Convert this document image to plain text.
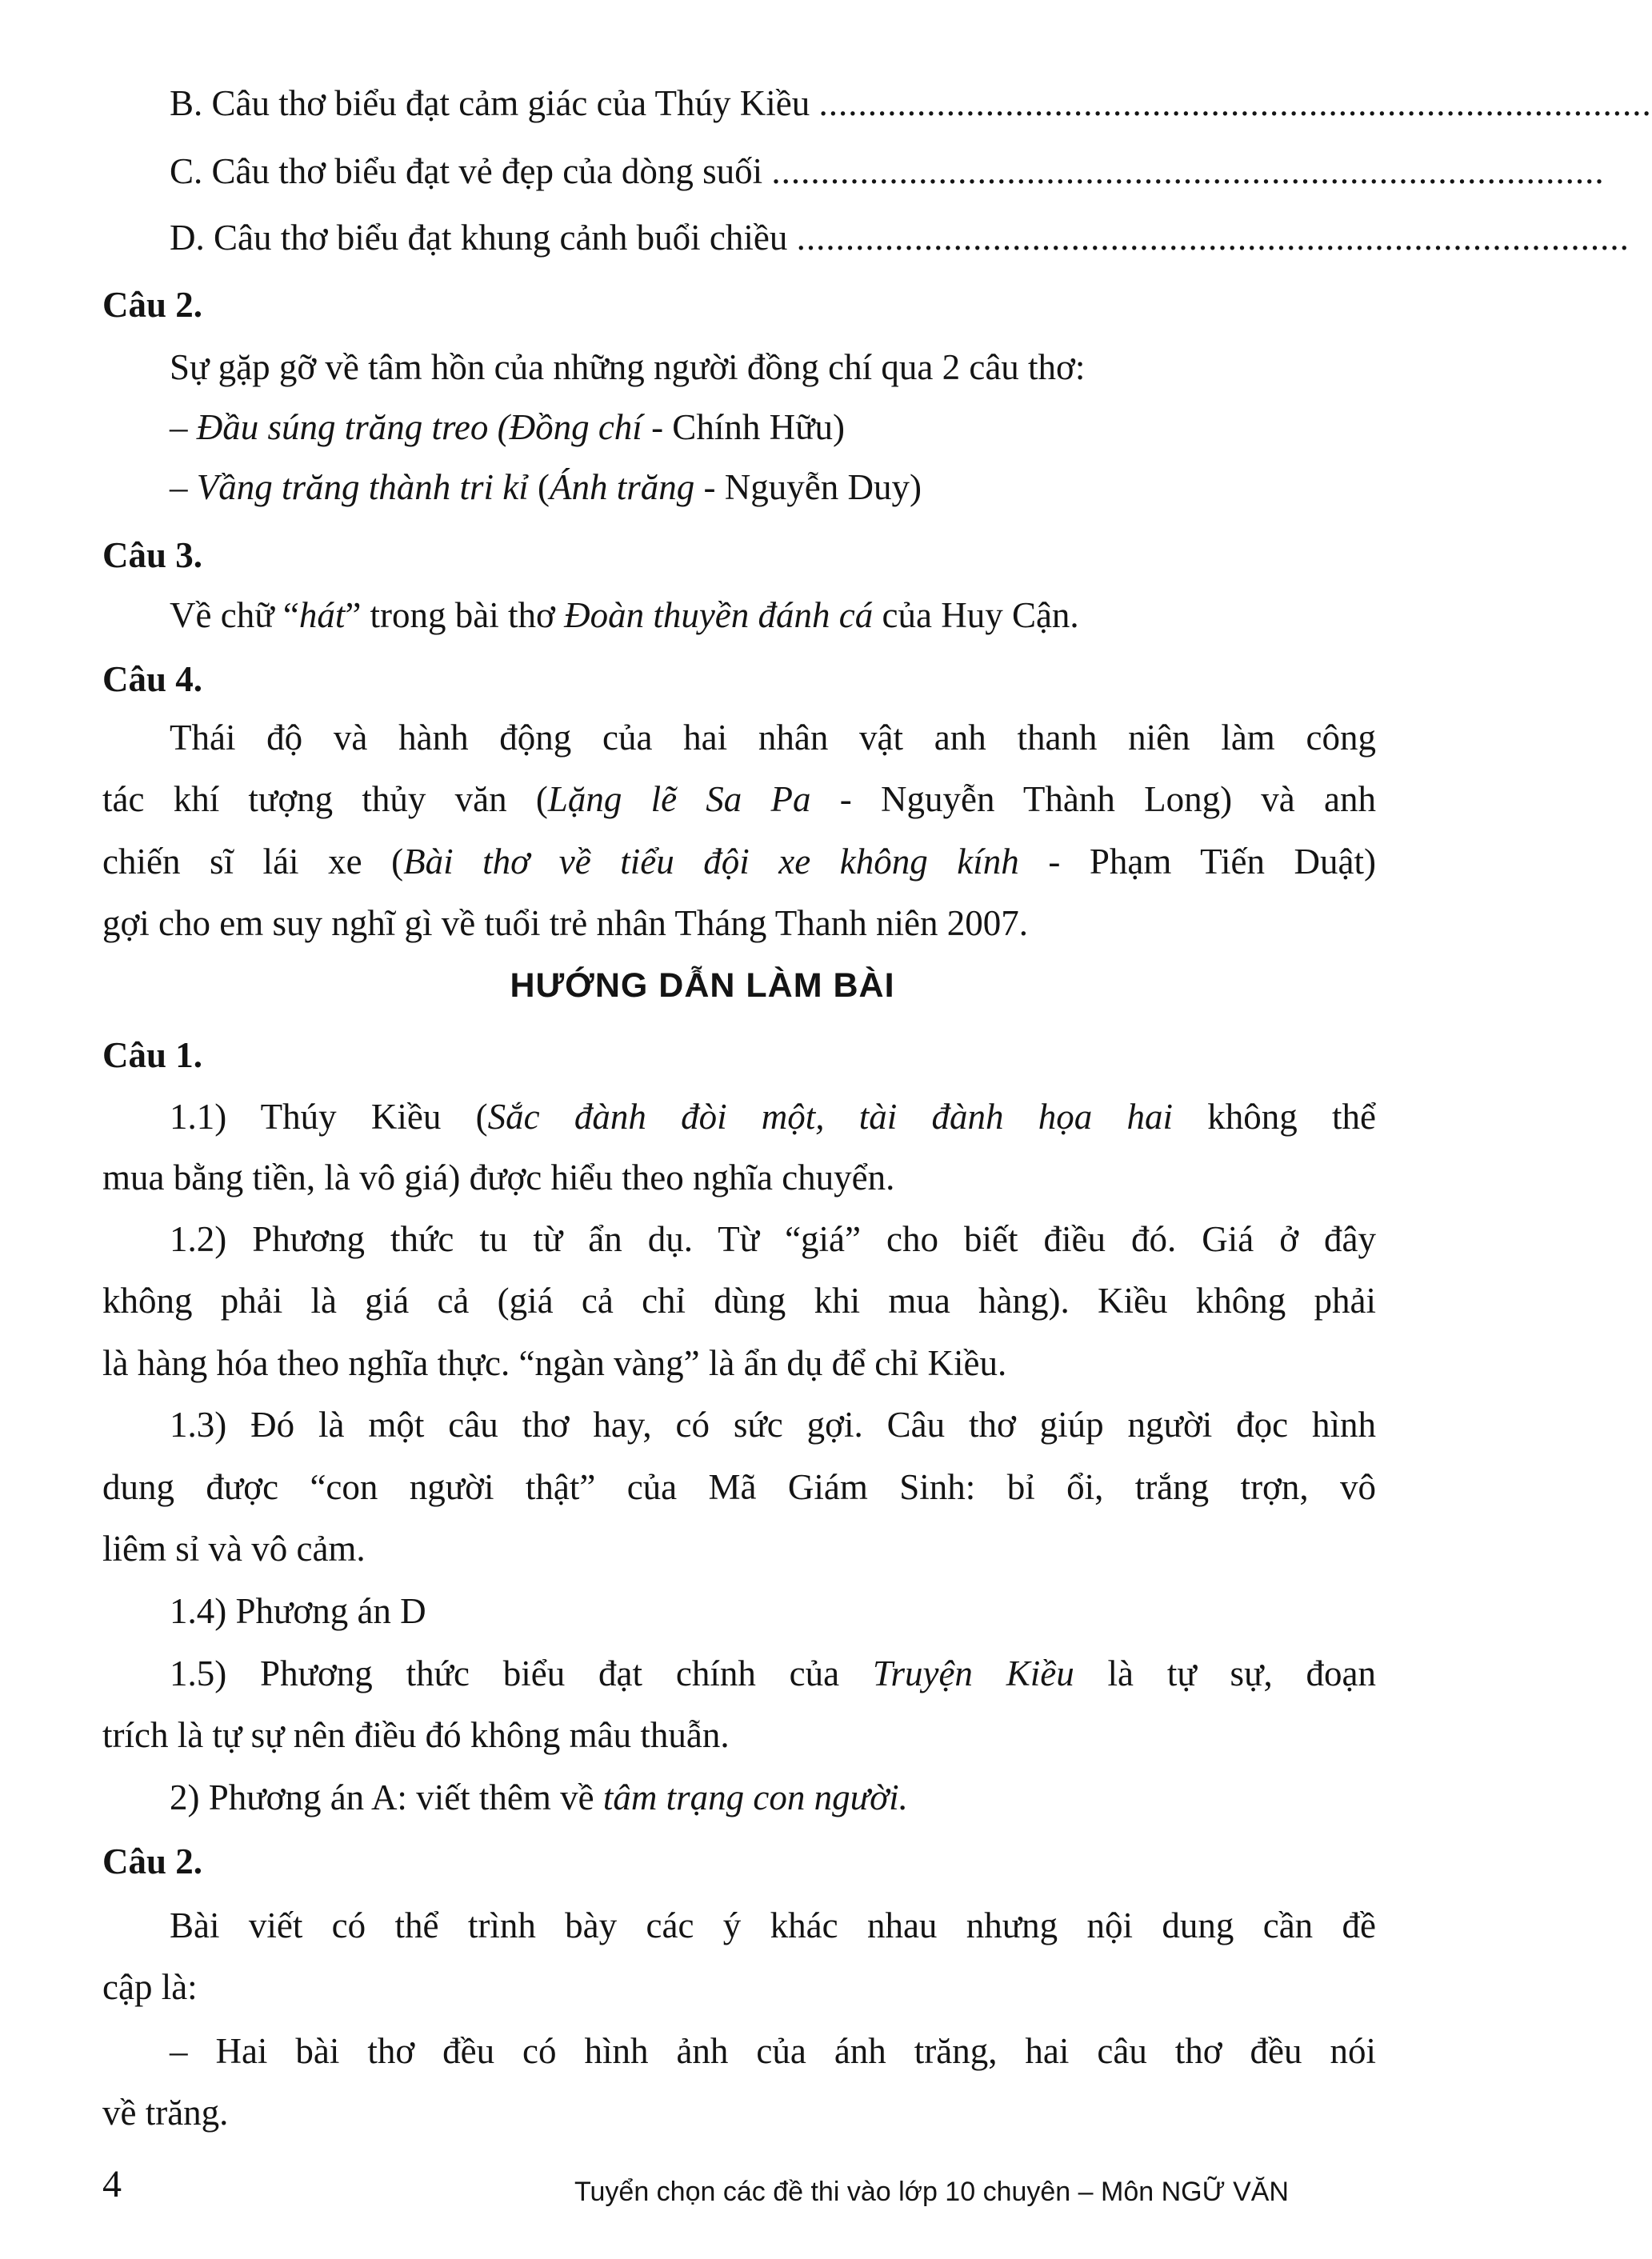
B. Câu thơ biểu đạt cảm giác của Thúy Kiều .....................................................................................
C. Câu thơ biểu đạt vẻ đẹp của dòng suối .....................................................................................
D. Câu thơ biểu đạt khung cảnh buổi chiều .....................................................................................
Câu 2.
Sự gặp gỡ về tâm hồn của những người đồng chí qua 2 câu thơ:
– Đầu súng trăng treo (Đồng chí - Chính Hữu)
– Vầng trăng thành tri kỉ (Ánh trăng - Nguyễn Duy)
Câu 3.
Về chữ “hát” trong bài thơ Đoàn thuyền đánh cá của Huy Cận.
Câu 4.
Thái độ và hành động của hai nhân vật anh thanh niên làm công
tác khí tượng thủy văn (Lặng lẽ Sa Pa - Nguyễn Thành Long) và anh
chiến sĩ lái xe (Bài thơ về tiểu đội xe không kính - Phạm Tiến Duật)
gợi cho em suy nghĩ gì về tuổi trẻ nhân Tháng Thanh niên 2007.
HƯỚNG DẪN LÀM BÀI
Câu 1.
1.1) Thúy Kiều (Sắc đành đòi một, tài đành họa hai không thể
mua bằng tiền, là vô giá) được hiểu theo nghĩa chuyển.
1.2) Phương thức tu từ ẩn dụ. Từ “giá” cho biết điều đó. Giá ở đây
không phải là giá cả (giá cả chỉ dùng khi mua hàng). Kiều không phải
là hàng hóa theo nghĩa thực. “ngàn vàng” là ẩn dụ để chỉ Kiều.
1.3) Đó là một câu thơ hay, có sức gợi. Câu thơ giúp người đọc hình
dung được “con người thật” của Mã Giám Sinh: bỉ ổi, trắng trợn, vô
liêm sỉ và vô cảm.
1.4) Phương án D
1.5) Phương thức biểu đạt chính của Truyện Kiều là tự sự, đoạn
trích là tự sự nên điều đó không mâu thuẫn.
2) Phương án A: viết thêm về tâm trạng con người.
Câu 2.
Bài viết có thể trình bày các ý khác nhau nhưng nội dung cần đề
cập là:
– Hai bài thơ đều có hình ảnh của ánh trăng, hai câu thơ đều nói
về trăng.
4	Tuyển chọn các đề thi vào lớp 10 chuyên – Môn NGỮ VĂN
